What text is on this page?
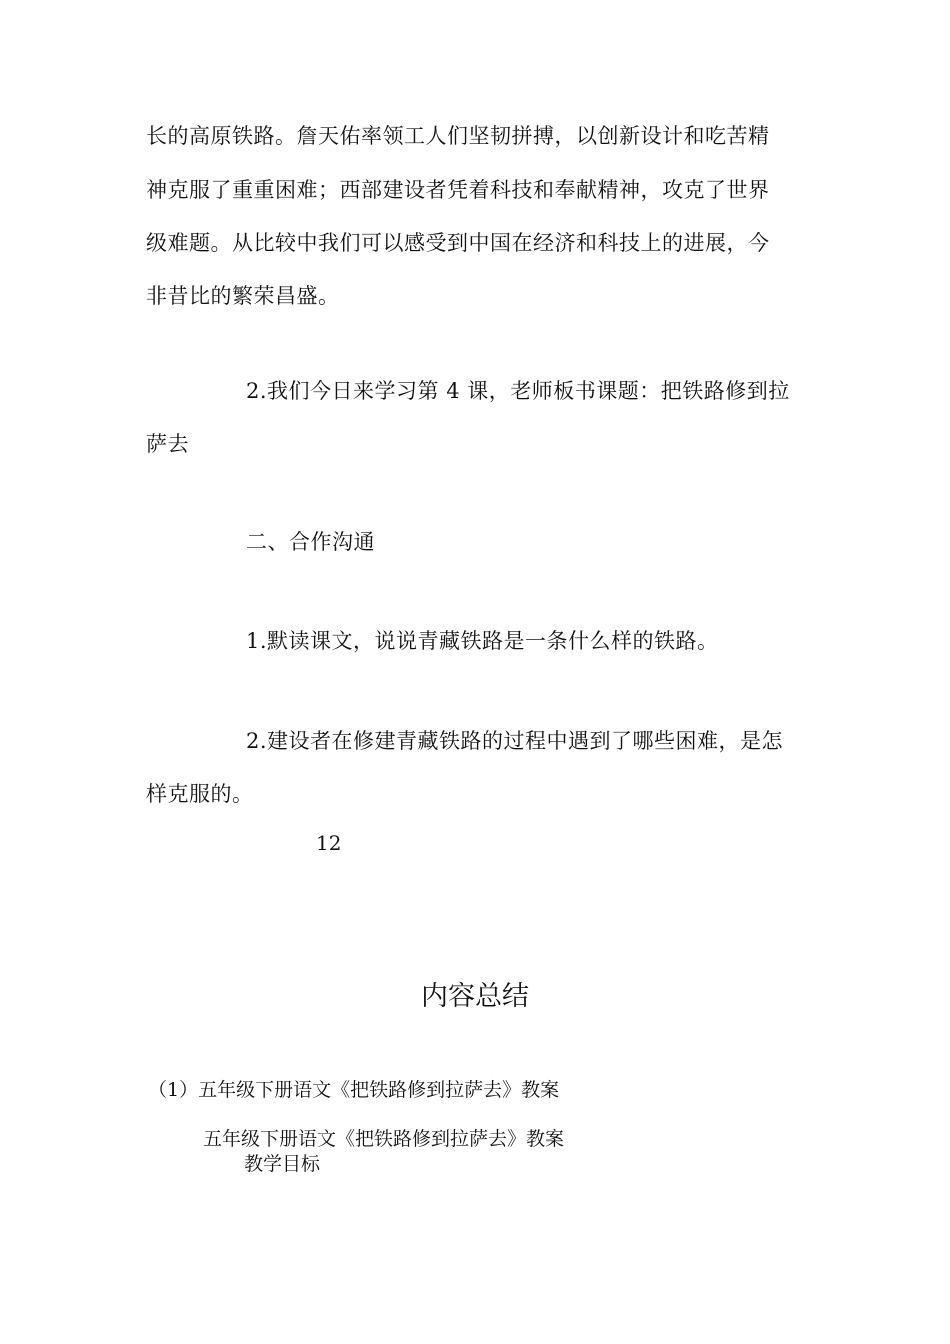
长的高原铁路。詹天佑率领工人们坚韧拼搏，以创新设计和吃苦精
神克服了重重困难；西部建设者凭着科技和奉献精神，攻克了世界
级难题。从比较中我们可以感受到中国在经济和科技上的进展，今
非昔比的繁荣昌盛。
2.我们今日来学习第 4 课，老师板书课题：把铁路修到拉
萨去
二、合作沟通
1.默读课文，说说青藏铁路是一条什么样的铁路。
2.建设者在修建青藏铁路的过程中遇到了哪些困难，是怎
样克服的。
12
内容总结
（1）五年级下册语文《把铁路修到拉萨去》教案
五年级下册语文《把铁路修到拉萨去》教案
教学目标
